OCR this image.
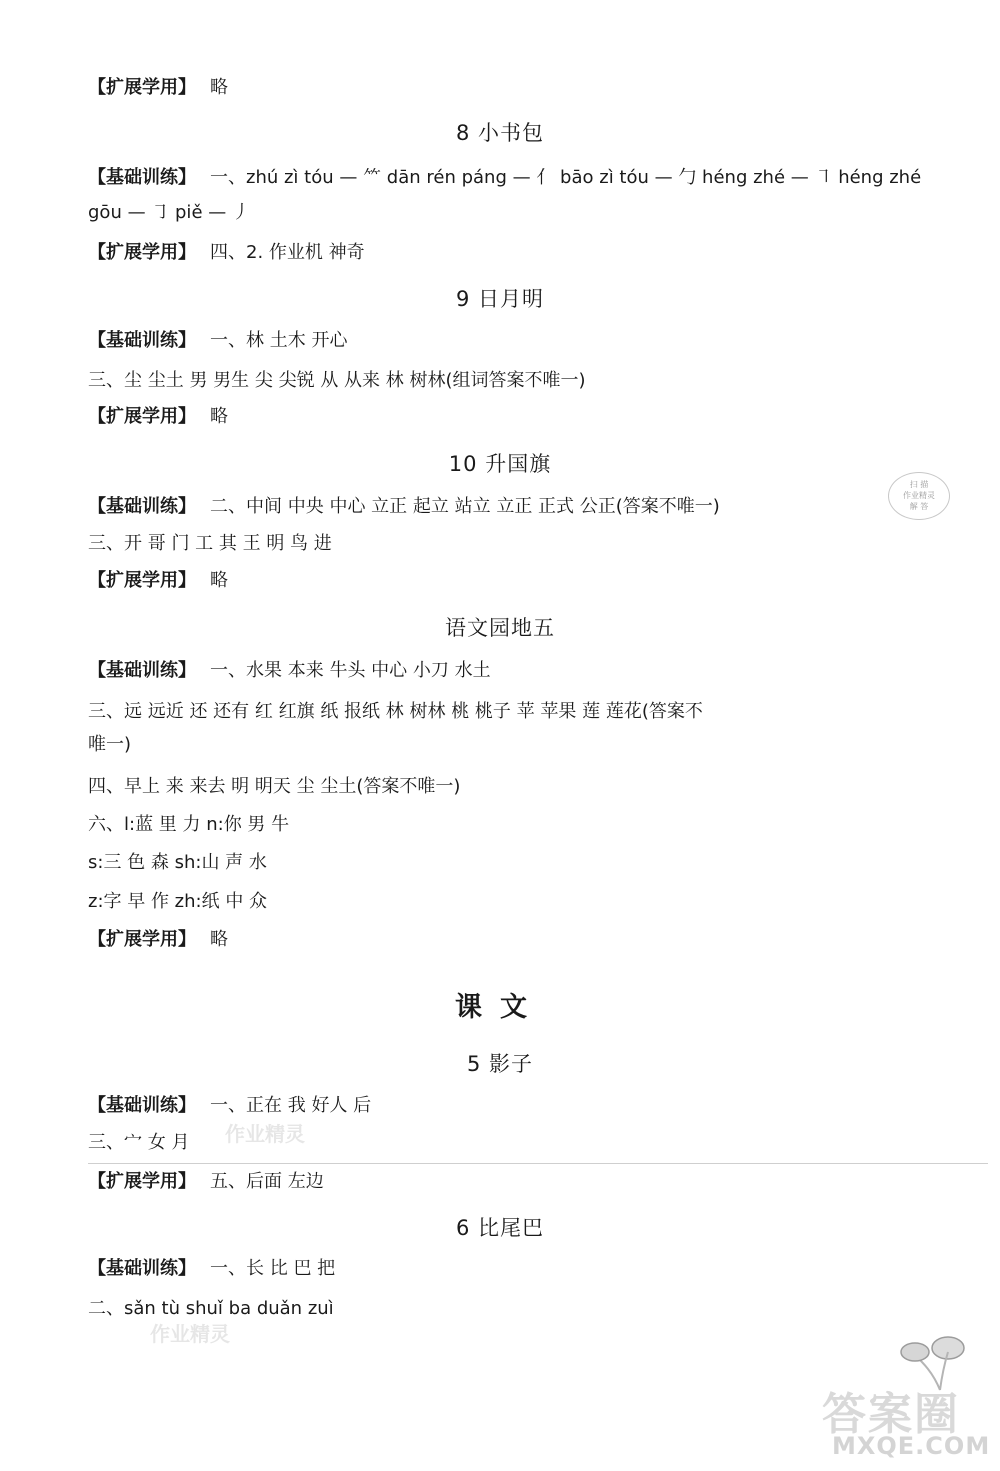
【扩展学用】 略
8 小书包
【基础训练】 一、zhú zì tóu — ⺮ dān rén páng — 亻 bāo zì tóu — 勹 héng zhé — ㇕ héng zhé
gōu — ㇆ piě — 丿
【扩展学用】 四、2. 作业机 神奇
9 日月明
【基础训练】 一、林 土木 开心
三、尘 尘土 男 男生 尖 尖锐 从 从来 林 树林(组词答案不唯一)
【扩展学用】 略
10 升国旗
【基础训练】 二、中间 中央 中心 立正 起立 站立 立正 正式 公正(答案不唯一)
三、开 哥 门 工 其 王 明 鸟 进
【扩展学用】 略
扫 描
作业精灵
解 答
语文园地五
【基础训练】 一、水果 本来 牛头 中心 小刀 水土
三、远 远近 还 还有 红 红旗 纸 报纸 林 树林 桃 桃子 苹 苹果 莲 莲花(答案不
唯一)
四、早上 来 来去 明 明天 尘 尘土(答案不唯一)
六、l:蓝 里 力 n:你 男 牛
s:三 色 森 sh:山 声 水
z:字 早 作 zh:纸 中 众
【扩展学用】 略
课文
5 影子
【基础训练】 一、正在 我 好人 后
三、宀 女 月 作业精灵
【扩展学用】 五、后面 左边
6 比尾巴
【基础训练】 一、长 比 巴 把
二、sǎn tù shuǐ ba duǎn zuì
作业精灵
答案圈
MXQE.COM
